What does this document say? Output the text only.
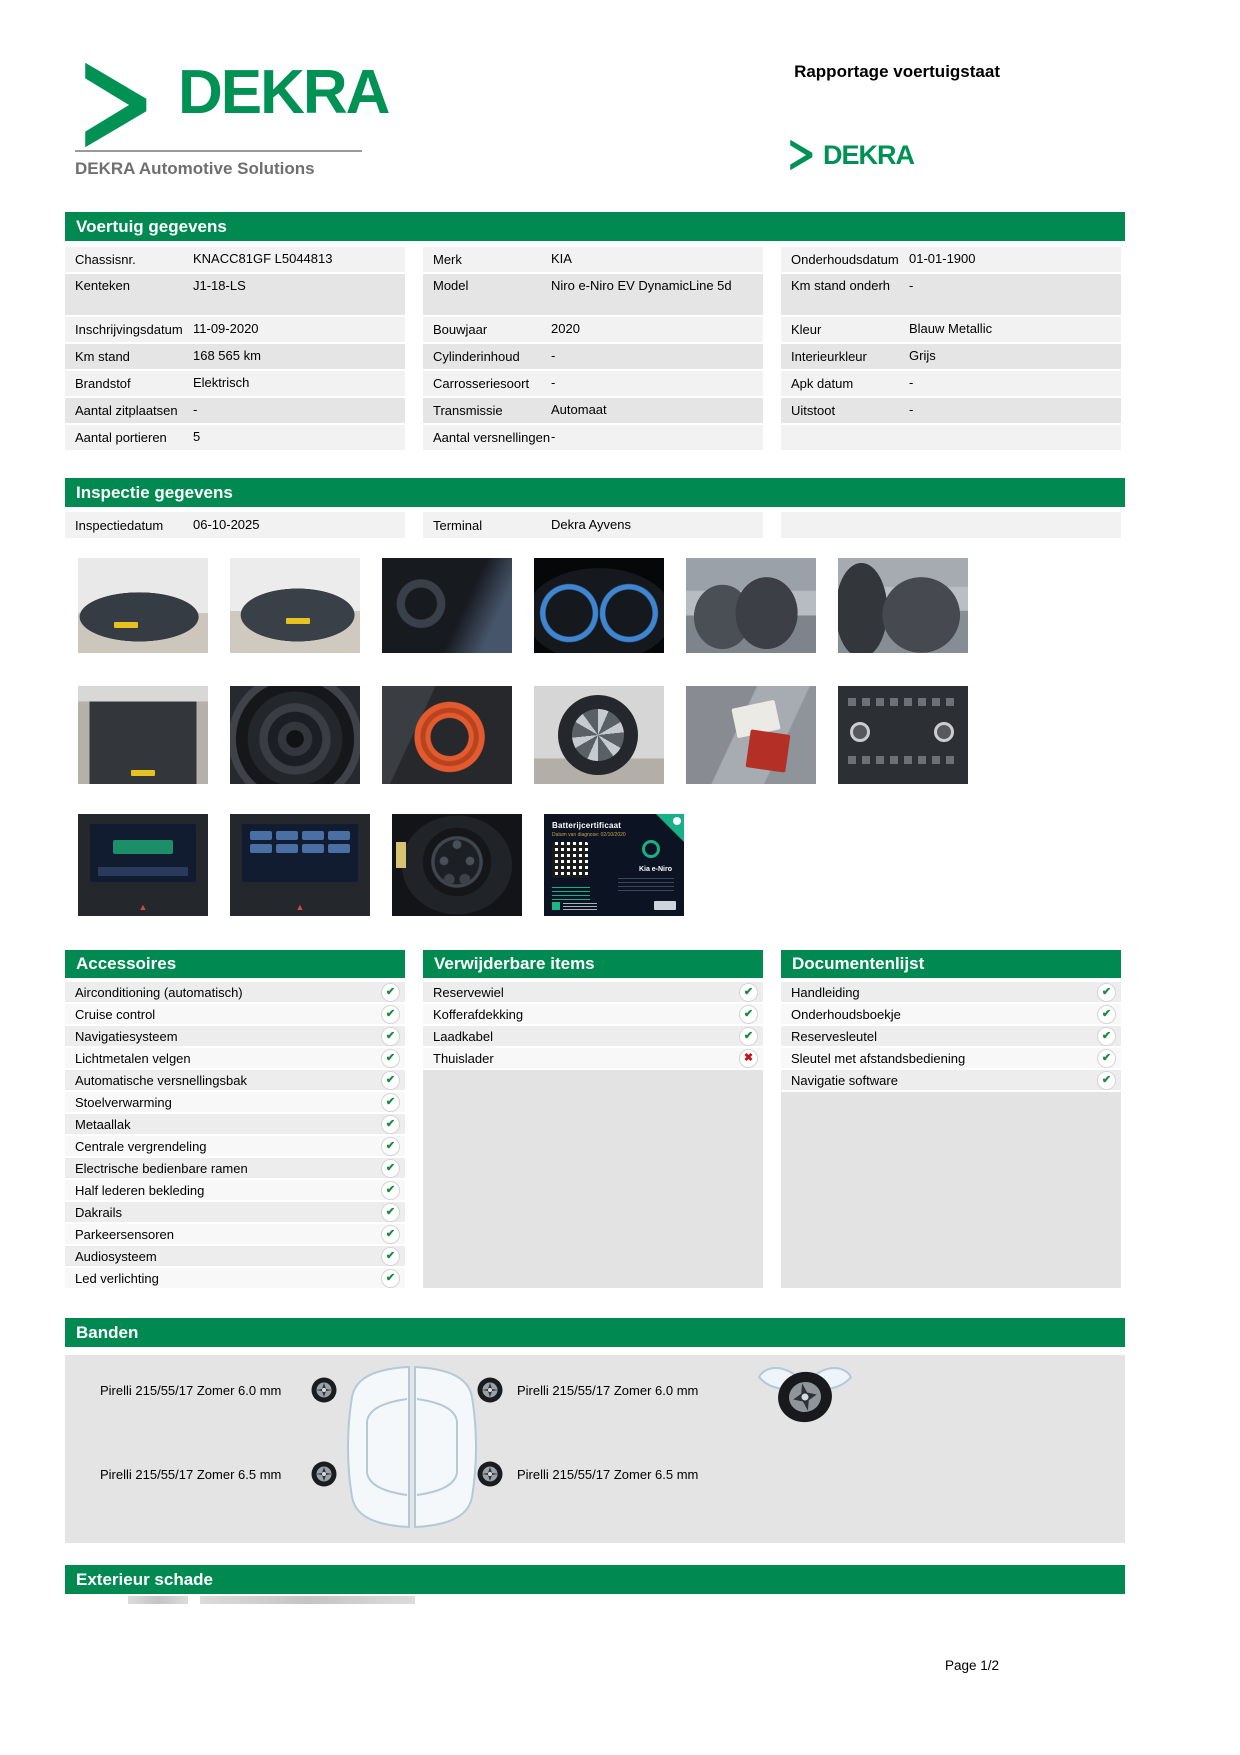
DEKRA
DEKRA Automotive Solutions
Rapportage voertuigstaat
DEKRA
Voertuig gegevens
Chassisnr.	KNACC81GF L5044813
Kenteken	J1-18-LS
Inschrijvingsdatum 11-09-2020
Km stand	168 565 km
Brandstof	Elektrisch
Aantal zitplaatsen	-
Aantal portieren	5
Merk	KIA
Model	Niro e-Niro EV DynamicLine 5d
Bouwjaar	2020
Cylinderinhoud	-
Carrosseriesoort	-
Transmissie	Automaat
Aantal versnellingen -
Onderhoudsdatum 01-01-1900
Km stand onderh	-
Kleur	Blauw Metallic
Interieurkleur	Grijs
Apk datum	-
Uitstoot	-
Inspectie gegevens
Inspectiedatum	06-10-2025	Terminal	Dekra Ayvens
▲	▲
Batterijcertificaat
Datum van diagnose: 02/10/2020
Kia e-Niro
Accessoires
Airconditioning (automatisch)	✔
Cruise control	✔
Navigatiesysteem	✔
Lichtmetalen velgen	✔
Automatische versnellingsbak	✔
Stoelverwarming	✔
Metaallak	✔
Centrale vergrendeling	✔
Electrische bedienbare ramen	✔
Half lederen bekleding	✔
Dakrails	✔
Parkeersensoren	✔
Audiosysteem	✔
Led verlichting	✔
Verwijderbare items
Reservewiel	✔
Kofferafdekking	✔
Laadkabel	✔
Thuislader	✖
Documentenlijst
Handleiding	✔
Onderhoudsboekje	✔
Reservesleutel	✔
Sleutel met afstandsbediening	✔
Navigatie software	✔
Banden
Pirelli 215/55/17 Zomer 6.0 mm	Pirelli 215/55/17 Zomer 6.0 mm
Pirelli 215/55/17 Zomer 6.5 mm	Pirelli 215/55/17 Zomer 6.5 mm
Exterieur schade
Page 1/2
